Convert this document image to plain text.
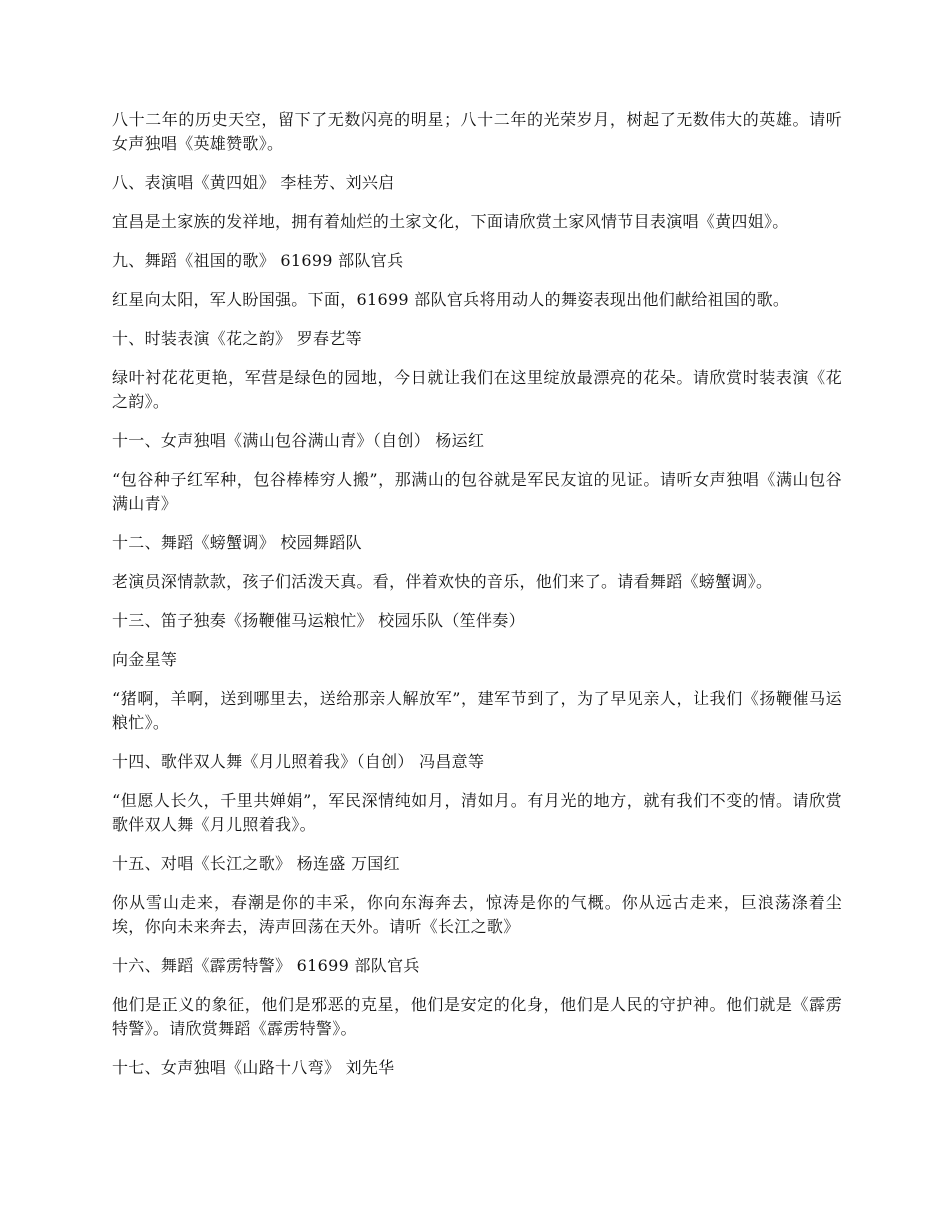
八十二年的历史天空，留下了无数闪亮的明星；八十二年的光荣岁月，树起了无数伟大的英雄。请听女声独唱《英雄赞歌》。

八、表演唱《黄四姐》 李桂芳、刘兴启

宜昌是土家族的发祥地，拥有着灿烂的土家文化，下面请欣赏土家风情节目表演唱《黄四姐》。

九、舞蹈《祖国的歌》 61699 部队官兵

红星向太阳，军人盼国强。下面，61699 部队官兵将用动人的舞姿表现出他们献给祖国的歌。

十、时装表演《花之韵》 罗春艺等

绿叶衬花花更艳，军营是绿色的园地，今日就让我们在这里绽放最漂亮的花朵。请欣赏时装表演《花之韵》。

十一、女声独唱《满山包谷满山青》（自创） 杨运红

“包谷种子红军种，包谷棒棒穷人搬”，那满山的包谷就是军民友谊的见证。请听女声独唱《满山包谷满山青》

十二、舞蹈《螃蟹调》 校园舞蹈队

老演员深情款款，孩子们活泼天真。看，伴着欢快的音乐，他们来了。请看舞蹈《螃蟹调》。

十三、笛子独奏《扬鞭催马运粮忙》 校园乐队（笙伴奏）

向金星等

“猪啊，羊啊，送到哪里去，送给那亲人解放军”，建军节到了，为了早见亲人，让我们《扬鞭催马运粮忙》。

十四、歌伴双人舞《月儿照着我》（自创） 冯昌意等

“但愿人长久，千里共婵娟”，军民深情纯如月，清如月。有月光的地方，就有我们不变的情。请欣赏歌伴双人舞《月儿照着我》。

十五、对唱《长江之歌》 杨连盛 万国红

你从雪山走来，春潮是你的丰采，你向东海奔去，惊涛是你的气概。你从远古走来，巨浪荡涤着尘埃，你向未来奔去，涛声回荡在天外。请听《长江之歌》

十六、舞蹈《霹雳特警》 61699 部队官兵

他们是正义的象征，他们是邪恶的克星，他们是安定的化身，他们是人民的守护神。他们就是《霹雳特警》。请欣赏舞蹈《霹雳特警》。

十七、女声独唱《山路十八弯》 刘先华
